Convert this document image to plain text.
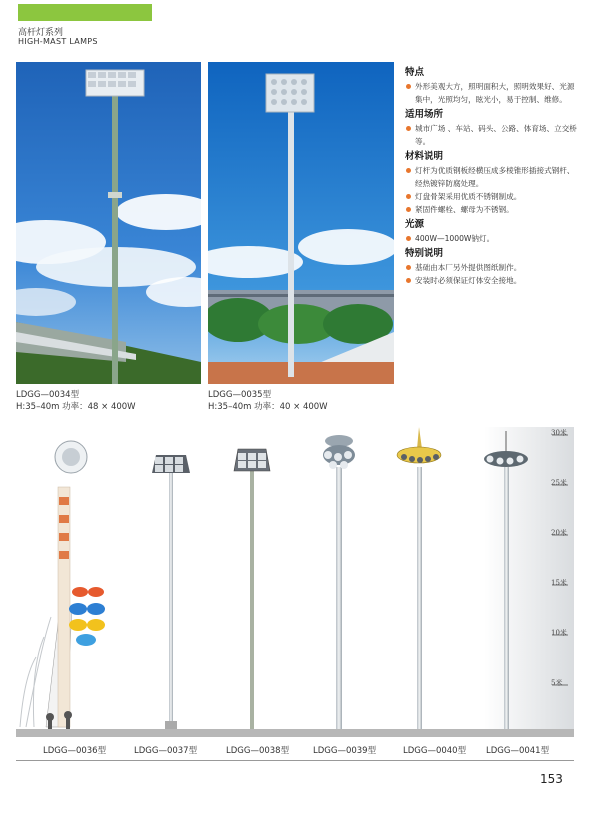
高杆灯系列
HIGH-MAST LAMPS
LDGG—0034型
H:35–40m 功率：48 × 400W
LDGG—0035型
H:35–40m 功率：40 × 400W
特点
外形美观大方，照明面积大，照明效果好、光源集中，光照均匀，眩光小，易于控制、维修。
适用场所
城市广场 、车站、码头、公路、体育场、立交桥等。
材料说明
灯杆为优质钢板经横压成多棱锥形插接式钢杆、经热镀锌防腐处理。
灯盘骨架采用优质不锈钢制成。
紧固件螺栓、螺母为不锈钢。
光源
400W—1000W钠灯。
特别说明
基础由本厂另外提供图纸制作。
安装时必须保证灯体安全接地。
30米
25米
20米
15米
10米
5米
LDGG—0036型	LDGG—0037型	LDGG—0038型	LDGG—0039型	LDGG—0040型 LDGG—0041型
153
